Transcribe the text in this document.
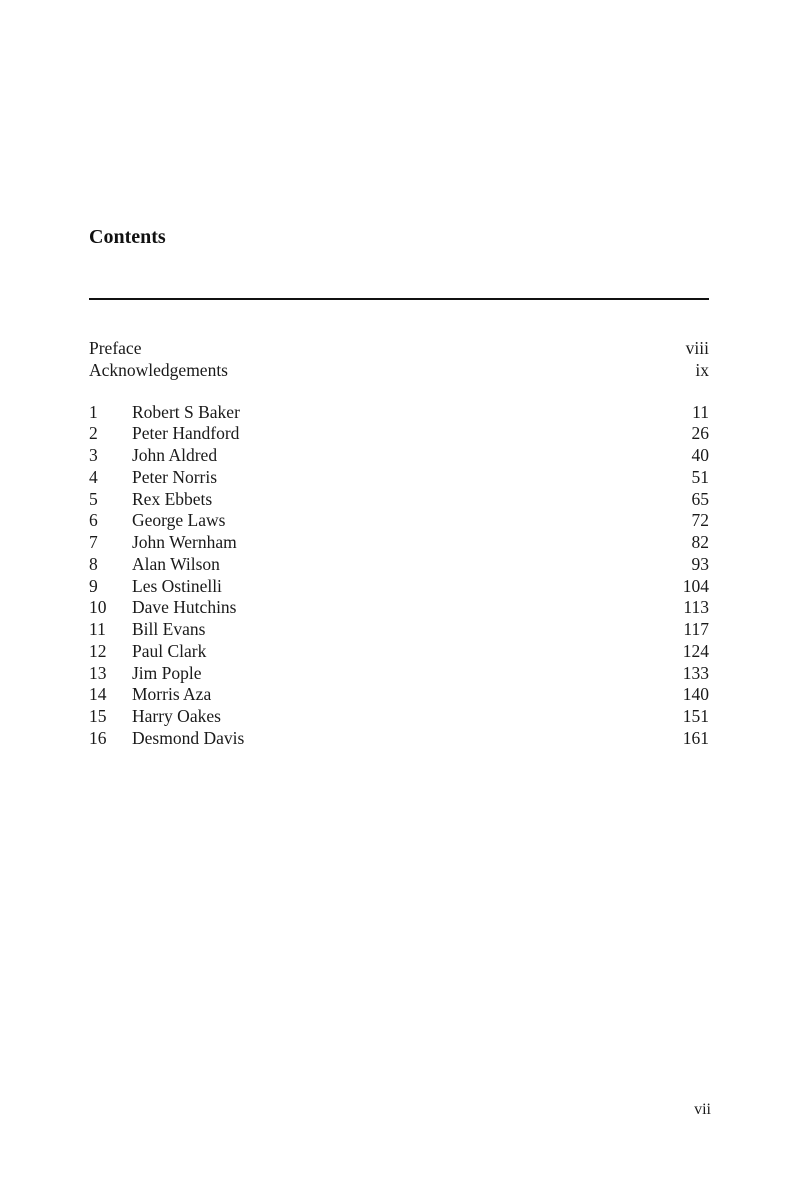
Contents
Preface	viii
Acknowledgements	ix
1 Robert S Baker	11
2 Peter Handford	26
3 John Aldred	40
4 Peter Norris	51
5 Rex Ebbets	65
6 George Laws	72
7 John Wernham	82
8 Alan Wilson	93
9 Les Ostinelli	104
10 Dave Hutchins	113
11 Bill Evans	117
12 Paul Clark	124
13 Jim Pople	133
14 Morris Aza	140
15 Harry Oakes	151
16 Desmond Davis	161
vii
